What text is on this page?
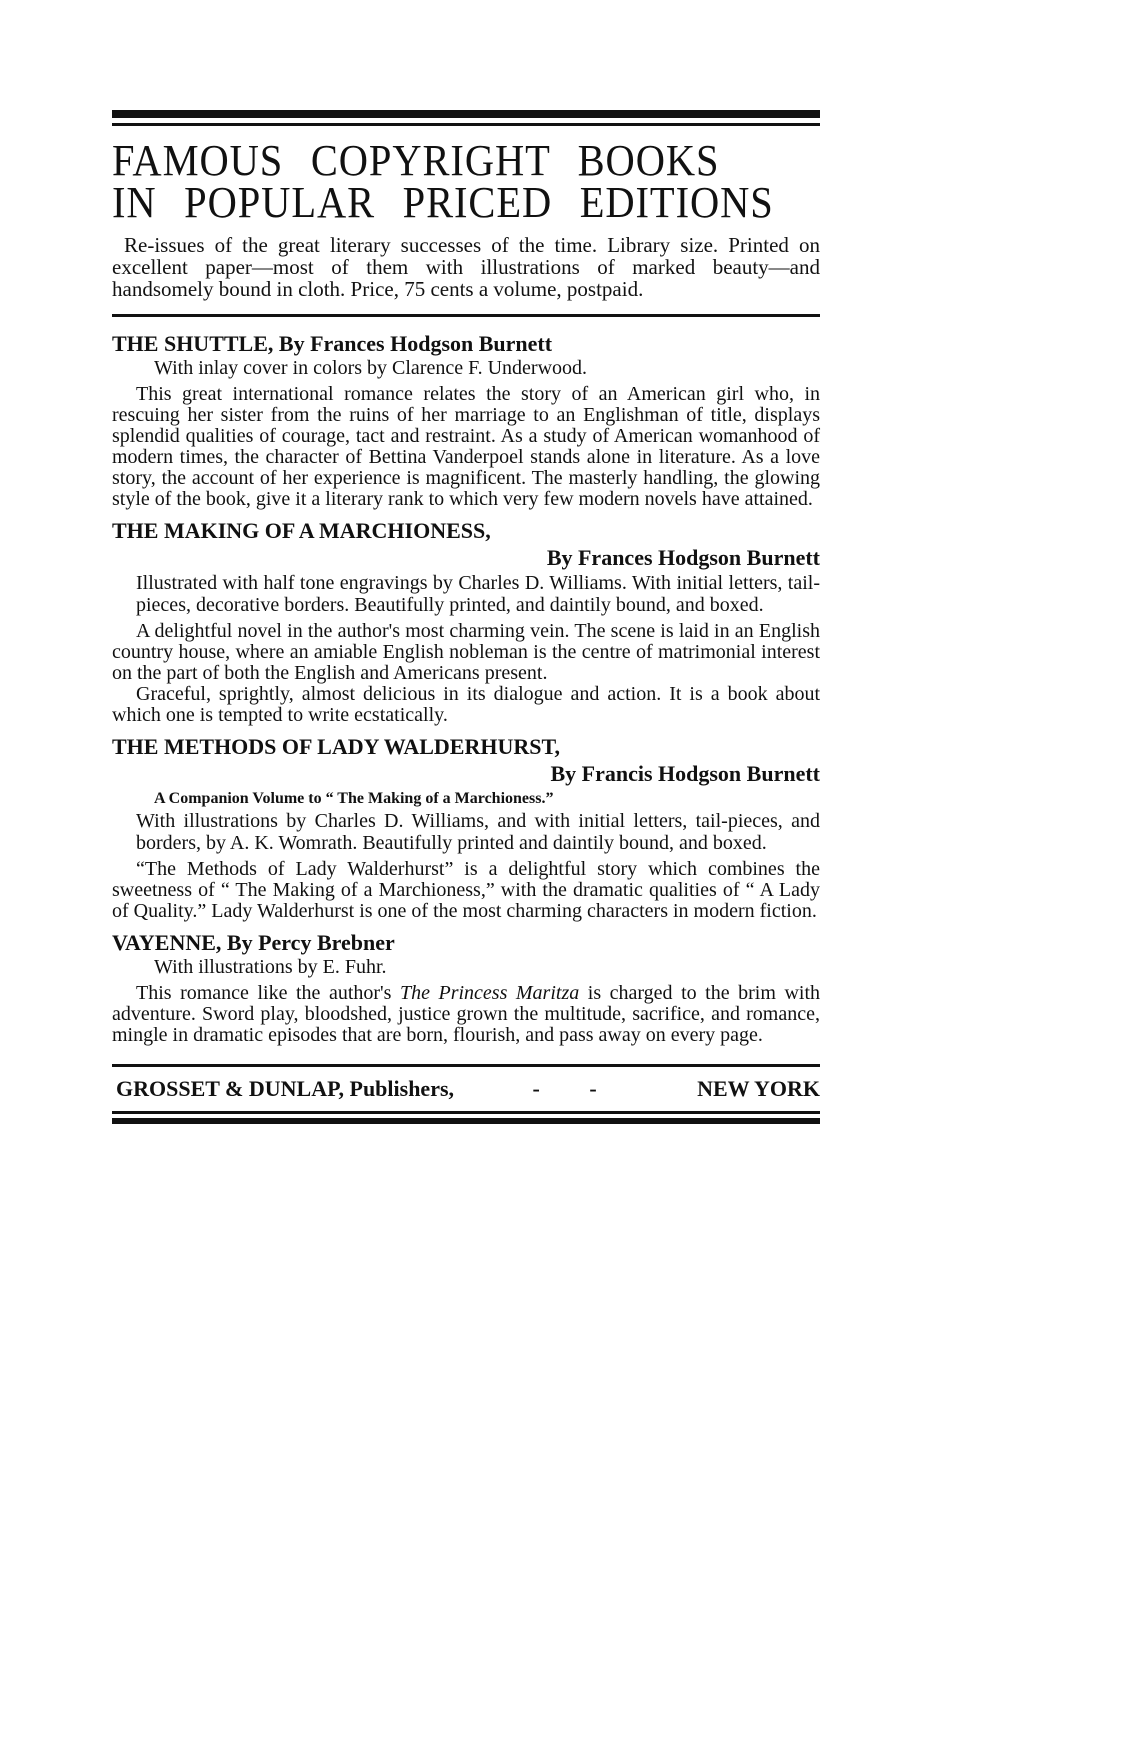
FAMOUS COPYRIGHT BOOKS
IN POPULAR PRICED EDITIONS
Re-issues of the great literary successes of the time. Library size. Printed on excellent paper—most of them with illustrations of marked beauty—and handsomely bound in cloth. Price, 75 cents a volume, postpaid.
THE SHUTTLE, By Frances Hodgson Burnett
With inlay cover in colors by Clarence F. Underwood.
This great international romance relates the story of an American girl who, in rescuing her sister from the ruins of her marriage to an Englishman of title, displays splendid qualities of courage, tact and restraint. As a study of American womanhood of modern times, the character of Bettina Vanderpoel stands alone in literature. As a love story, the account of her experience is magnificent. The masterly handling, the glowing style of the book, give it a literary rank to which very few modern novels have attained.
THE MAKING OF A MARCHIONESS,
By Frances Hodgson Burnett
Illustrated with half tone engravings by Charles D. Williams. With initial letters, tail-pieces, decorative borders. Beautifully printed, and daintily bound, and boxed.
A delightful novel in the author's most charming vein. The scene is laid in an English country house, where an amiable English nobleman is the centre of matrimonial interest on the part of both the English and Americans present.
Graceful, sprightly, almost delicious in its dialogue and action. It is a book about which one is tempted to write ecstatically.
THE METHODS OF LADY WALDERHURST,
By Francis Hodgson Burnett
A Companion Volume to “ The Making of a Marchioness.”
With illustrations by Charles D. Williams, and with initial letters, tail-pieces, and borders, by A. K. Womrath. Beautifully printed and daintily bound, and boxed.
“The Methods of Lady Walderhurst” is a delightful story which combines the sweetness of “ The Making of a Marchioness,” with the dramatic qualities of “ A Lady of Quality.” Lady Walderhurst is one of the most charming characters in modern fiction.
VAYENNE, By Percy Brebner
With illustrations by E. Fuhr.
This romance like the author's The Princess Maritza is charged to the brim with adventure. Sword play, bloodshed, justice grown the multitude, sacrifice, and romance, mingle in dramatic episodes that are born, flourish, and pass away on every page.
GROSSET & DUNLAP, Publishers,	- -	NEW YORK
